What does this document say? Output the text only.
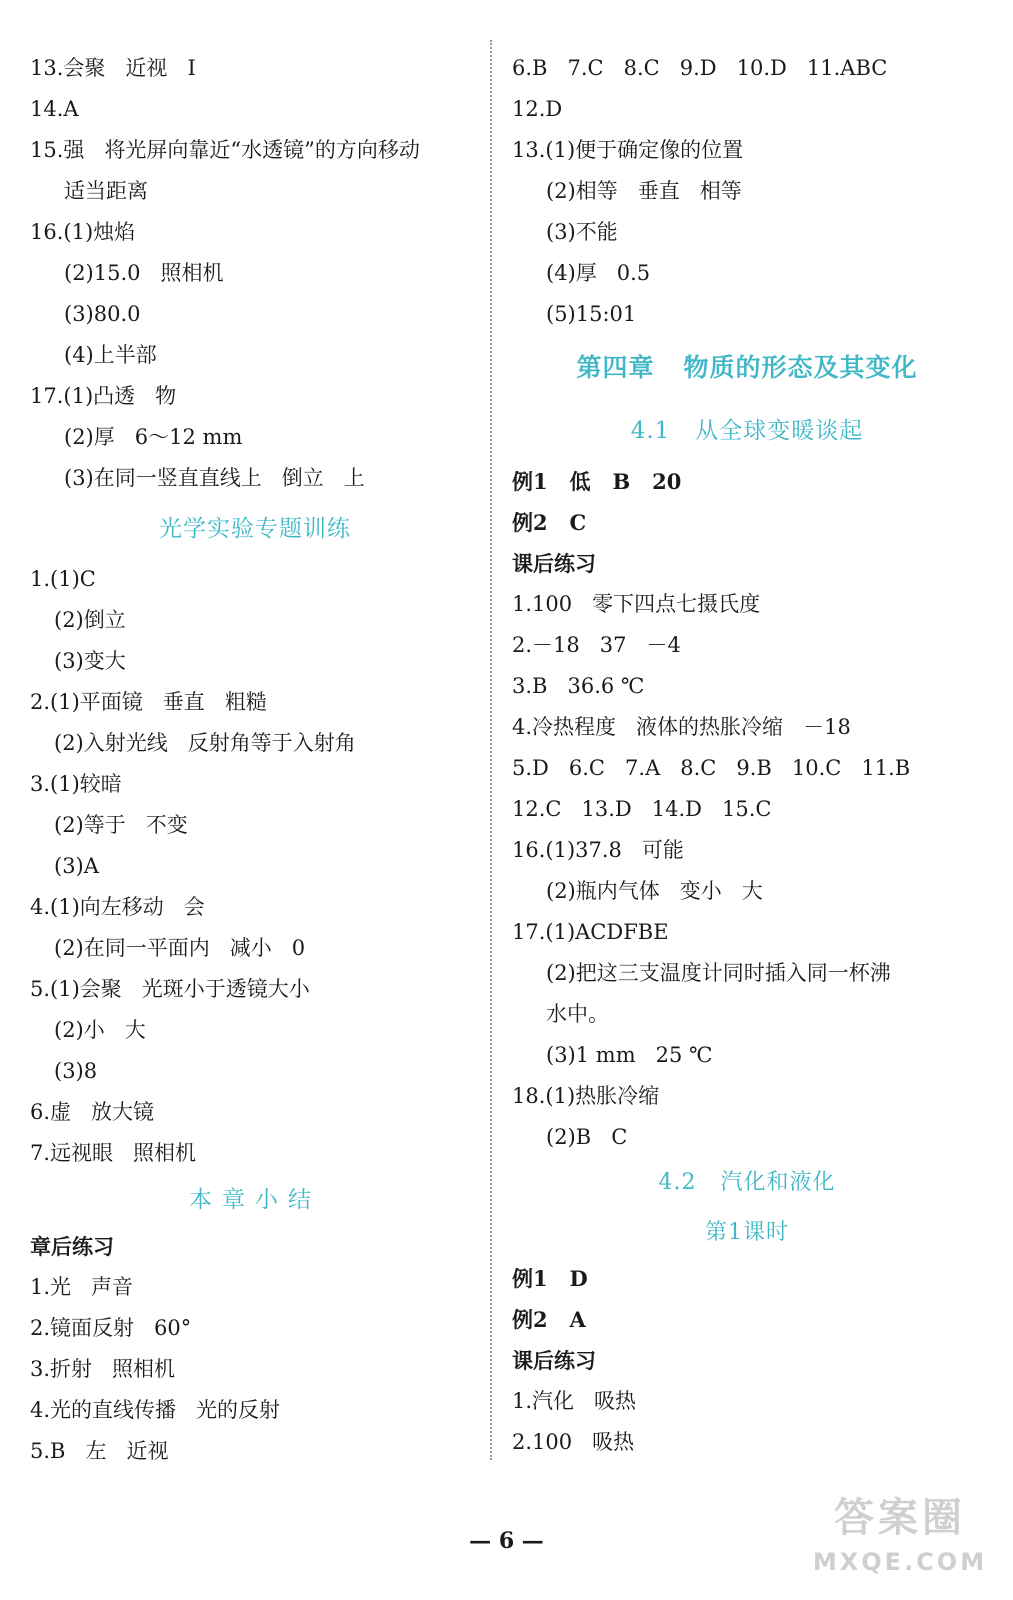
13.会聚   近视   Ⅰ
14.A
15.强   将光屏向靠近“水透镜”的方向移动
适当距离
16.(1)烛焰
(2)15.0   照相机
(3)80.0
(4)上半部
17.(1)凸透   物
(2)厚   6～12 mm
(3)在同一竖直直线上   倒立   上
光学实验专题训练
1.(1)C
(2)倒立
(3)变大
2.(1)平面镜   垂直   粗糙
(2)入射光线   反射角等于入射角
3.(1)较暗
(2)等于   不变
(3)A
4.(1)向左移动   会
(2)在同一平面内   减小   0
5.(1)会聚   光斑小于透镜大小
(2)小   大
(3)8
6.虚   放大镜
7.远视眼   照相机
本章小结
章后练习
1.光   声音
2.镜面反射   60°
3.折射   照相机
4.光的直线传播   光的反射
5.B   左   近视
6.B   7.C   8.C   9.D   10.D   11.ABC
12.D
13.(1)便于确定像的位置
(2)相等   垂直   相等
(3)不能
(4)厚   0.5
(5)15:01
第四章   物质的形态及其变化
4.1   从全球变暖谈起
例1   低   B   20
例2   C
课后练习
1.100   零下四点七摄氏度
2.－18   37   －4
3.B   36.6 ℃
4.冷热程度   液体的热胀冷缩   －18
5.D   6.C   7.A   8.C   9.B   10.C   11.B
12.C   13.D   14.D   15.C
16.(1)37.8   可能
(2)瓶内气体   变小   大
17.(1)ACDFBE
(2)把这三支温度计同时插入同一杯沸
水中。
(3)1 mm   25 ℃
18.(1)热胀冷缩
(2)B   C
4.2   汽化和液化
第1课时
例1   D
例2   A
课后练习
1.汽化   吸热
2.100   吸热
— 6 —	答案圈
MXQE.COM
